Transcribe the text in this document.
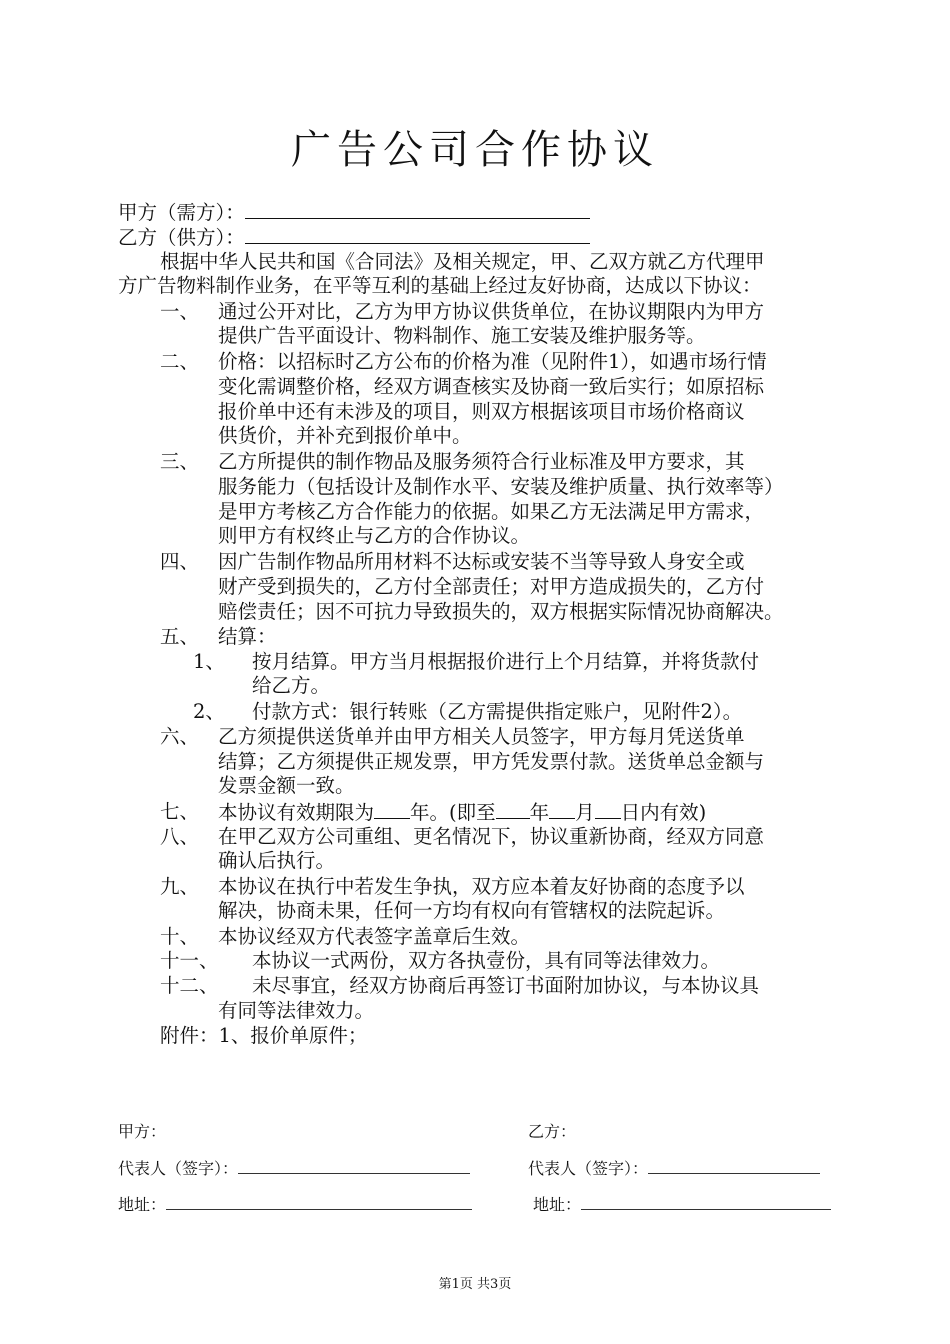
广告公司合作协议
甲方（需方）：
乙方（供方）：
根据中华人民共和国《合同法》及相关规定，甲、乙双方就乙方代理甲
方广告物料制作业务，在平等互利的基础上经过友好协商，达成以下协议：
一、 通过公开对比，乙方为甲方协议供货单位，在协议期限内为甲方
提供广告平面设计、物料制作、施工安装及维护服务等。
二、 价格：以招标时乙方公布的价格为准（见附件1），如遇市场行情
变化需调整价格，经双方调查核实及协商一致后实行；如原招标
报价单中还有未涉及的项目，则双方根据该项目市场价格商议
供货价，并补充到报价单中。
三、 乙方所提供的制作物品及服务须符合行业标准及甲方要求，其
服务能力（包括设计及制作水平、安装及维护质量、执行效率等）
是甲方考核乙方合作能力的依据。如果乙方无法满足甲方需求，
则甲方有权终止与乙方的合作协议。
四、 因广告制作物品所用材料不达标或安装不当等导致人身安全或
财产受到损失的，乙方付全部责任；对甲方造成损失的，乙方付
赔偿责任；因不可抗力导致损失的，双方根据实际情况协商解决。
五、 结算：
1、 按月结算。甲方当月根据报价进行上个月结算，并将货款付
给乙方。
2、 付款方式：银行转账（乙方需提供指定账户，见附件2）。
六、 乙方须提供送货单并由甲方相关人员签字，甲方每月凭送货单
结算；乙方须提供正规发票，甲方凭发票付款。送货单总金额与
发票金额一致。
七、 本协议有效期限为 年。(即至 年 月 日内有效)
八、 在甲乙双方公司重组、更名情况下，协议重新协商，经双方同意
确认后执行。
九、 本协议在执行中若发生争执，双方应本着友好协商的态度予以
解决，协商未果，任何一方均有权向有管辖权的法院起诉。
十、 本协议经双方代表签字盖章后生效。
十一、 本协议一式两份，双方各执壹份，具有同等法律效力。
十二、 未尽事宜，经双方协商后再签订书面附加协议，与本协议具
有同等法律效力。
附件：1、报价单原件；
甲方：	乙方：
代表人（签字）：	代表人（签字）：
地址：	地址：
第1页 共3页
